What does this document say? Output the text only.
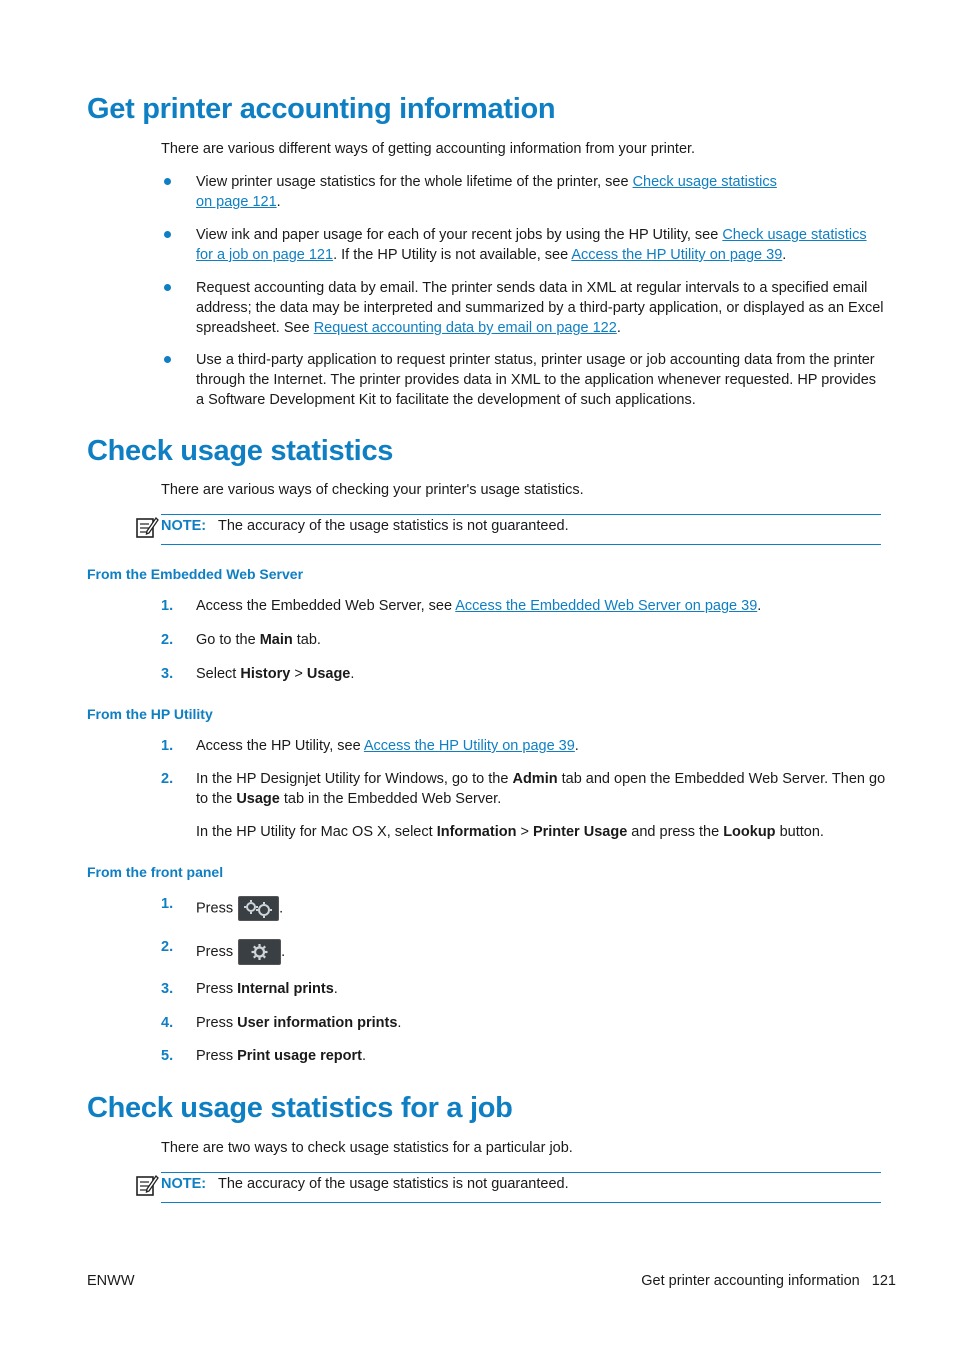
Get printer accounting information

There are various different ways of getting accounting information from your printer.

View printer usage statistics for the whole lifetime of the printer, see Check usage statistics
on page 121.

View ink and paper usage for each of your recent jobs by using the HP Utility, see Check usage statistics
for a job on page 121. If the HP Utility is not available, see Access the HP Utility on page 39.

Request accounting data by email. The printer sends data in XML at regular intervals to a specified email address; the data may be interpreted and summarized by a third-party application, or displayed as an Excel spreadsheet. See Request accounting data by email on page 122.

Use a third-party application to request printer status, printer usage or job accounting data from the printer through the Internet. The printer provides data in XML to the application whenever requested. HP provides a Software Development Kit to facilitate the development of such applications.

Check usage statistics

There are various ways of checking your printer's usage statistics.

NOTE: The accuracy of the usage statistics is not guaranteed.
From the Embedded Web Server
1.	Access the Embedded Web Server, see Access the Embedded Web Server on page 39.

2.	Go to the Main tab.

3.	Select History > Usage.

From the HP Utility
1.	Access the HP Utility, see Access the HP Utility on page 39.

2.	In the HP Designjet Utility for Windows, go to the Admin tab and open the Embedded Web Server. Then go to the Usage tab in the Embedded Web Server.

In the HP Utility for Mac OS X, select Information > Printer Usage and press the Lookup button.

From the front panel
1.	Press	.

2.	Press	.

3.	Press Internal prints.

4.	Press User information prints.

5.	Press Print usage report.

Check usage statistics for a job

There are two ways to check usage statistics for a particular job.

NOTE: The accuracy of the usage statistics is not guaranteed.
ENWW	Get printer accounting information 121
